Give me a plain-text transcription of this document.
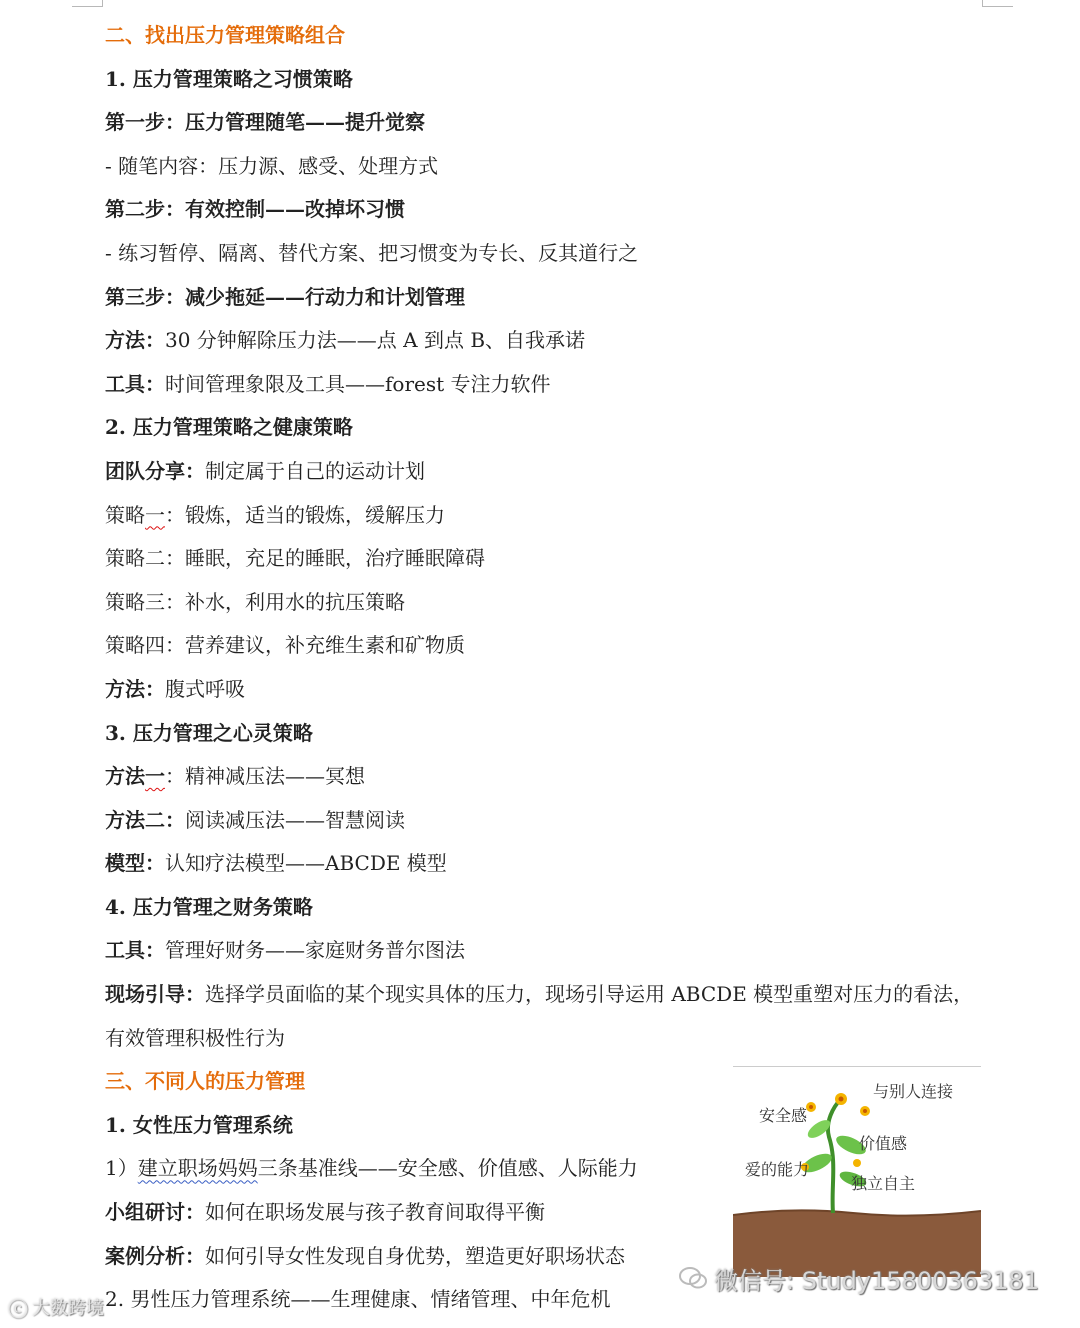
二、找出压力管理策略组合
1. 压力管理策略之习惯策略
第一步：压力管理随笔——提升觉察
- 随笔内容：压力源、感受、处理方式
第二步：有效控制——改掉坏习惯
- 练习暂停、隔离、替代方案、把习惯变为专长、反其道行之
第三步：减少拖延——行动力和计划管理
方法：30 分钟解除压力法——点 A 到点 B、自我承诺
工具：时间管理象限及工具——forest 专注力软件
2. 压力管理策略之健康策略
团队分享：制定属于自己的运动计划
策略一：锻炼，适当的锻炼，缓解压力
策略二：睡眠，充足的睡眠，治疗睡眠障碍
策略三：补水，利用水的抗压策略
策略四：营养建议，补充维生素和矿物质
方法：腹式呼吸
3. 压力管理之心灵策略
方法一：精神减压法——冥想
方法二：阅读减压法——智慧阅读
模型：认知疗法模型——ABCDE 模型
4. 压力管理之财务策略
工具：管理好财务——家庭财务普尔图法
现场引导：选择学员面临的某个现实具体的压力，现场引导运用 ABCDE 模型重塑对压力的看法，有效管理积极性行为
三、不同人的压力管理
1. 女性压力管理系统
1）建立职场妈妈三条基准线——安全感、价值感、人际能力
小组研讨：如何在职场发展与孩子教育间取得平衡
案例分析：如何引导女性发现自身优势，塑造更好职场状态
2. 男性压力管理系统——生理健康、情绪管理、中年危机
与别人连接
安全感
价值感
爱的能力
独立自主
微信号: Study15800363181
ⓒ 大数跨境
